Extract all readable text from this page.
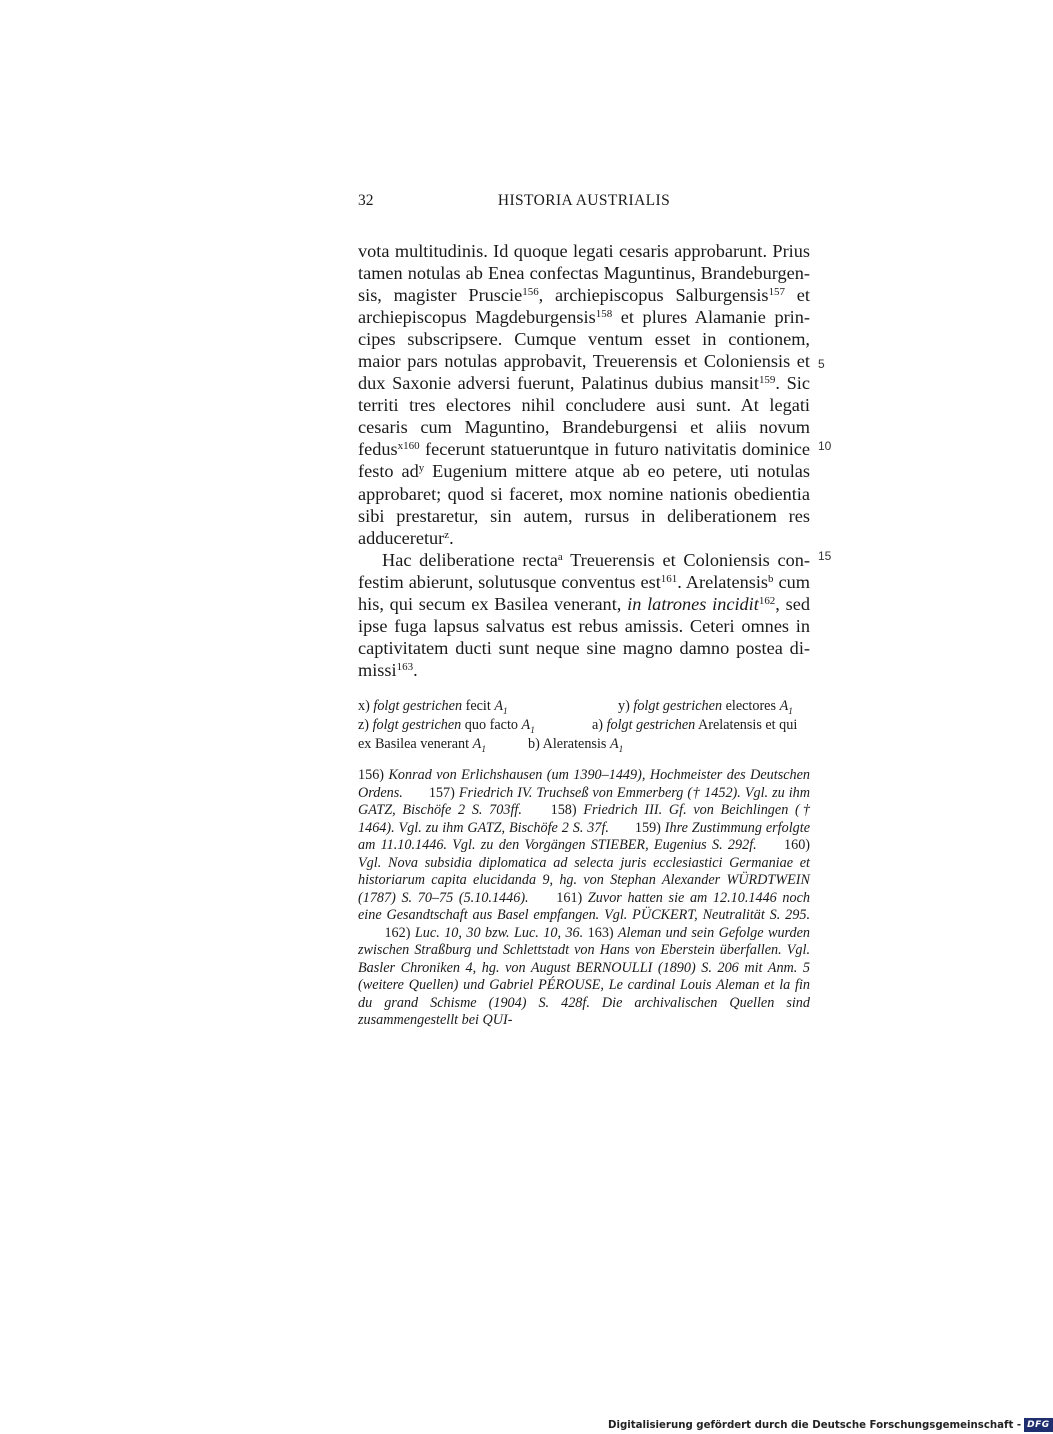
32	HISTORIA AUSTRIALIS

vota multitudinis. Id quoque legati cesaris approbarunt. Prius tamen notulas ab Enea confectas Maguntinus, Brandeburgensis, magister Pruscie$^{156}$, archiepiscopus Salburgensis$^{157}$ et archiepiscopus Magdeburgensis$^{158}$ et plures Alamanie principes subscripsere. Cumque ventum esset in contionem, maior pars notulas approbavit, Treuerensis et Coloniensis et dux Saxonie adversi fuerunt, Palatinus dubius mansit$^{159}$. Sic territi tres electores nihil concludere ausi sunt. At legati cesaris cum Maguntino, Brandeburgensi et aliis novum fedus$^{x160}$ fecerunt statueruntque in futuro nativitatis dominice festo $ad^y$ Eugenium mittere atque ab eo petere, uti notulas approbaret; quod si faceret, mox nomine nationis obedientia sibi prestaretur, sin autem, rursus in deliberationem res adduceretur$^z$.

Hac deliberatione recta$^a$ Treuerensis et Coloniensis confestim abierunt, solutusque conventus est$^{161}$. Arelatensis$^b$ cum his, qui secum ex Basilea venerant, in latrones incidit$^{162}$, sed ipse fuga lapsus salvatus est rebus amissis. Ceteri omnes in captivitatem ducti sunt neque sine magno damno postea dimissi$^{163}$.

5
10
15
x) folgt gestrichen fecit $A_1$	y) folgt gestrichen electores $A_1$
z) folgt gestrichen quo facto $A_1$	a) folgt gestrichen Arelatensis et qui
ex Basilea venerant $A_1$	b) Aleratensis $A_1$
156) Konrad von Erlichshausen (um 1390–1449), Hochmeister des Deutschen Ordens. 157) Friedrich IV. Truchseß von Emmerberg († 1452). Vgl. zu ihm GATZ, Bischöfe 2 S. 703ff. 158) Friedrich III. Gf. von Beichlingen († 1464). Vgl. zu ihm GATZ, Bischöfe 2 S. 37f. 159) Ihre Zustimmung erfolgte am 11.10.1446. Vgl. zu den Vorgängen STIEBER, Eugenius S. 292f. 160) Vgl. Nova subsidia diplomatica ad selecta juris ecclesiastici Germaniae et historiarum capita elucidanda 9, hg. von Stephan Alexander WÜRDTWEIN (1787) S. 70–75 (5.10.1446). 161) Zuvor hatten sie am 12.10.1446 noch eine Gesandtschaft aus Basel empfangen. Vgl. PÜCKERT, Neutralität S. 295. 162) Luc. 10, 30 bzw. Luc. 10, 36. 163) Aleman und sein Gefolge wurden zwischen Straßburg und Schlettstadt von Hans von Eberstein überfallen. Vgl. Basler Chroniken 4, hg. von August BERNOULLI (1890) S. 206 mit Anm. 5 (weitere Quellen) und Gabriel PÉROUSE, Le cardinal Louis Aleman et la fin du grand Schisme (1904) S. 428f. Die archivalischen Quellen sind zusammengestellt bei QUI-
Digitalisierung gefördert durch die Deutsche Forschungsgemeinschaft - DFG
